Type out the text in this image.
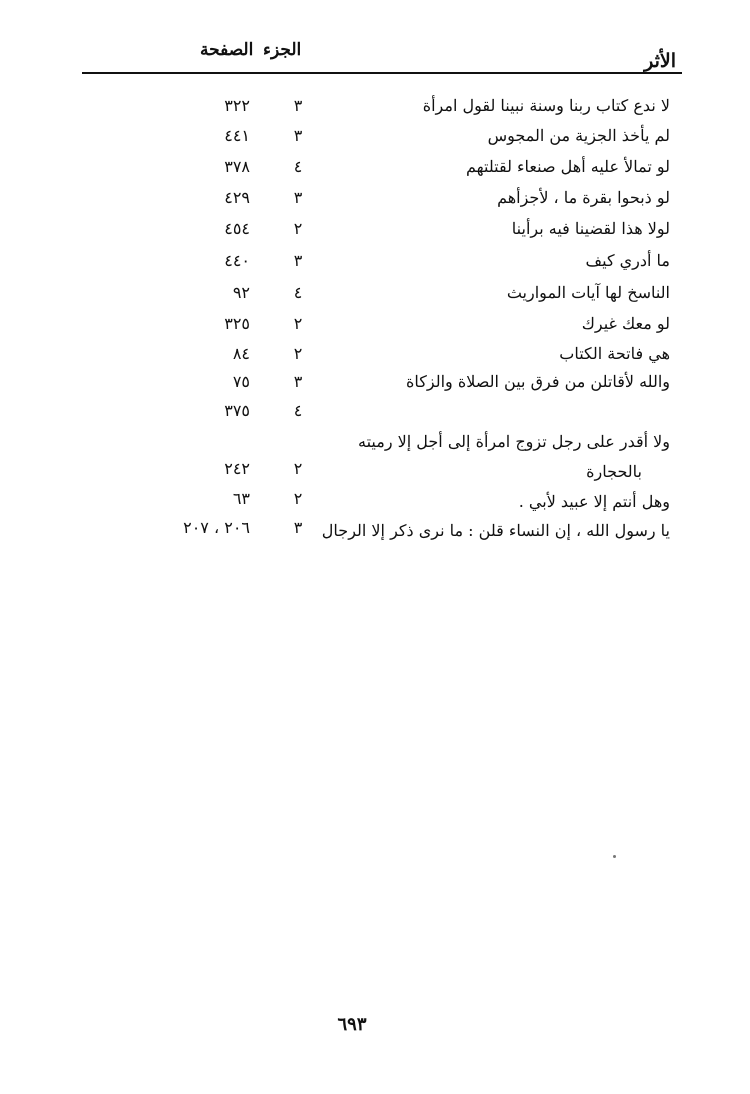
الأثر
الجزء
الصفحة
لا ندع كتاب ربنا وسنة نبينا لقول امرأة
٣
٣٢٢
لم يأخذ الجزية من المجوس
٣
٤٤١
لو تمالأ عليه أهل صنعاء لقتلتهم
٤
٣٧٨
لو ذبحوا بقرة ما ، لأجزأهم
٣
٤٢٩
لولا هذا لقضينا فيه برأينا
٢
٤٥٤
ما أدري كيف
٣
٤٤٠
الناسخ لها آيات المواريث
٤
٩٢
لو معك غيرك
٢
٣٢٥
هي فاتحة الكتاب
٢
٨٤
والله لأقاتلن من فرق بين الصلاة والزكاة
٣
٧٥
٤
٣٧٥
ولا أقدر على رجل تزوج امرأة إلى أجل إلا رميته
بالحجارة
٢
٢٤٢
وهل أنتم إلا عبيد لأبي .
٢
٦٣
يا رسول الله ، إن النساء قلن : ما نرى ذكر إلا الرجال
٣
٢٠٦ ، ٢٠٧
٦٩٣
